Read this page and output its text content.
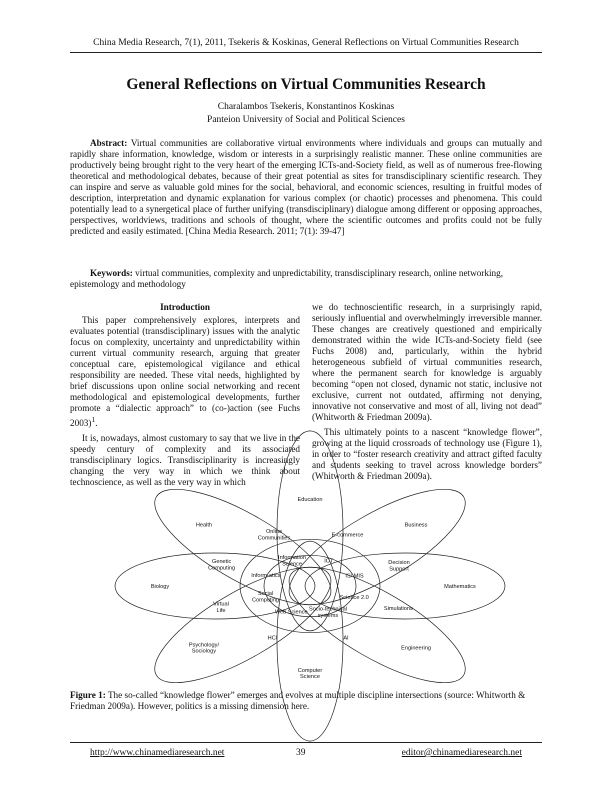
China Media Research, 7(1), 2011, Tsekeris & Koskinas, General Reflections on Virtual Communities Research
General Reflections on Virtual Communities Research
Charalambos Tsekeris, Konstantinos Koskinas
Panteion University of Social and Political Sciences

Abstract: Virtual communities are collaborative virtual environments where individuals and groups can mutually and rapidly share information, knowledge, wisdom or interests in a surprisingly realistic manner. These online communities are productively being brought right to the very heart of the emerging ICTs-and-Society field, as well as of numerous free-flowing theoretical and methodological debates, because of their great potential as sites for transdisciplinary scientific research. They can inspire and serve as valuable gold mines for the social, behavioral, and economic sciences, resulting in fruitful modes of description, interpretation and dynamic explanation for various complex (or chaotic) processes and phenomena. This could potentially lead to a synergetical place of further unifying (transdisciplinary) dialogue among different or opposing approaches, perspectives, worldviews, traditions and schools of thought, where the scientific outcomes and profits could not be fully predicted and easily estimated. [China Media Research. 2011; 7(1): 39-47]

Keywords: virtual communities, complexity and unpredictability, transdisciplinary research, online networking, epistemology and methodology

Introduction

This paper comprehensively explores, interprets and evaluates potential (transdisciplinary) issues with the analytic focus on complexity, uncertainty and unpredictability within current virtual community research, arguing that greater conceptual care, epistemological vigilance and ethical responsibility are needed. These vital needs, highlighted by brief discussions upon online social networking and recent methodological and epistemological developments, further promote a “dialectic approach” to (co-)action (see Fuchs 2003)$^1$.

It is, nowadays, almost customary to say that we live in the speedy century of complexity and its associated transdisciplinary logics. Transdisciplinarity is increasingly changing the very way in which we think about technoscience, as well as the very way in which

we do technoscientific research, in a surprisingly rapid, seriously influential and overwhelmingly irreversible manner. These changes are creatively questioned and empirically demonstrated within the wide ICTs-and-Society field (see Fuchs 2008) and, particularly, within the hybrid heterogeneous subfield of virtual communities research, where the permanent search for knowledge is arguably becoming “open not closed, dynamic not static, inclusive not exclusive, current not outdated, affirming not denying, innovative not conservative and most of all, living not dead” (Whitworth & Friedman 2009a).

This ultimately points to a nascent “knowledge flower”, growing at the liquid crossroads of technology use (Figure 1), in order to “foster research creativity and attract gifted faculty and students seeking to travel across knowledge borders” (Whitworth & Friedman 2009a).

Education
Business
Mathematics
Engineering
Computer Science
Psychology/ Sociology
Biology
Health
Online Communities	E-commerce
Decision Support
Simulations
AI
HCI
Virtual Life
Genetic Computing
Information Science
ICT
IS/ MIS
Science 2.0
Socio-technical systems
Web Science
Social Computing
Inform-atics

Figure 1: The so-called “knowledge flower” emerges and evolves at multiple discipline intersections (source: Whitworth & Friedman 2009a). However, politics is a missing dimension here.

http://www.chinamediaresearch.net	39	editor@chinamediaresearch.net
